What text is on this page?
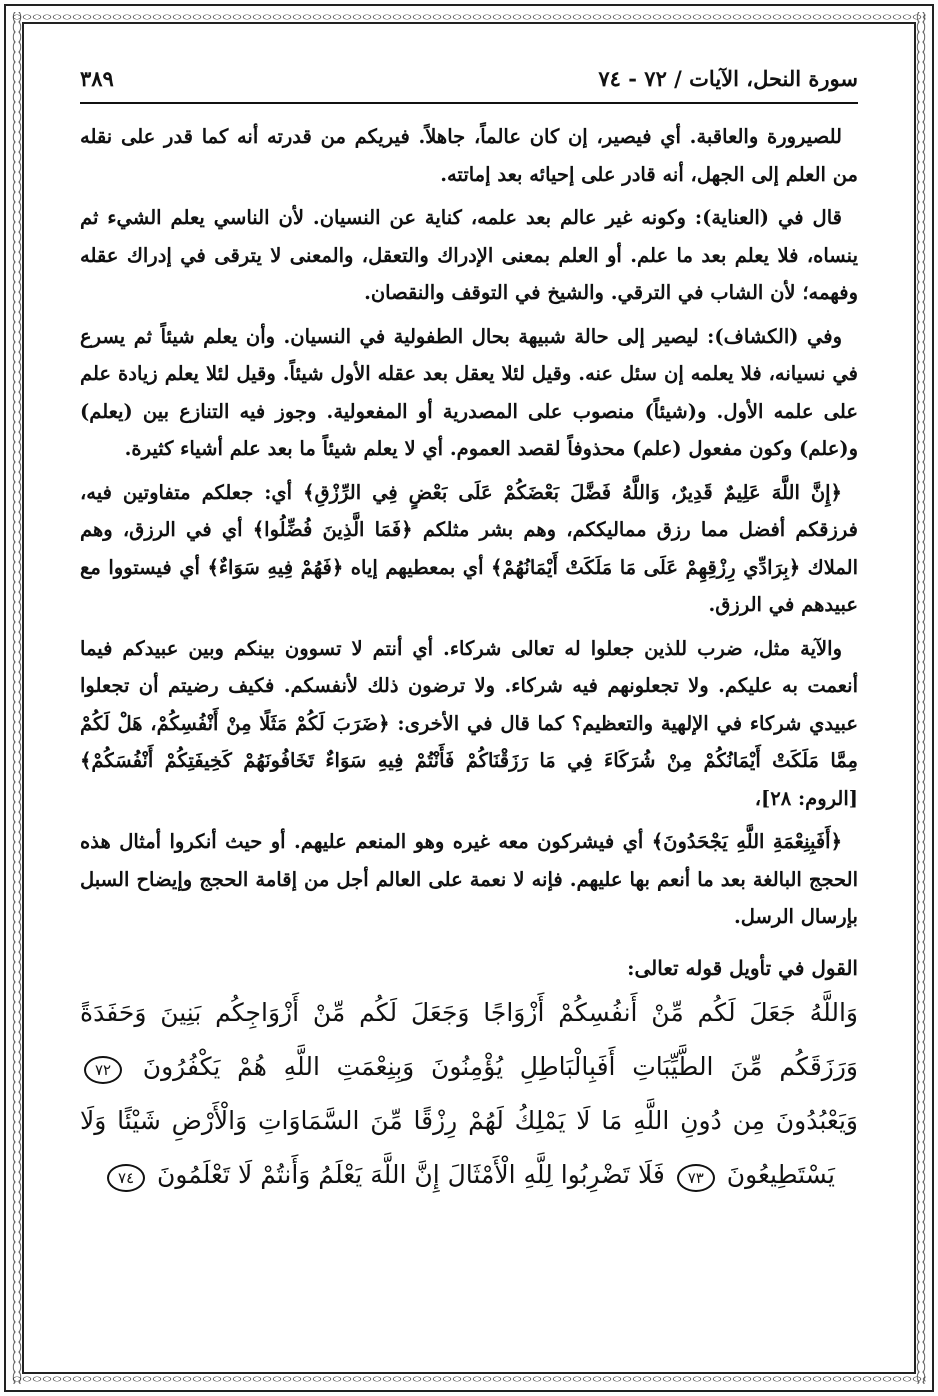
سورة النحل، الآيات / ٧٢ - ٧٤
٣٨٩

للصيرورة والعاقبة. أي فيصير، إن كان عالماً، جاهلاً. فيريكم من قدرته أنه كما قدر على نقله من العلم إلى الجهل، أنه قادر على إحيائه بعد إماتته.

قال في (العناية): وكونه غير عالم بعد علمه، كناية عن النسيان. لأن الناسي يعلم الشيء ثم ينساه، فلا يعلم بعد ما علم. أو العلم بمعنى الإدراك والتعقل، والمعنى لا يترقى في إدراك عقله وفهمه؛ لأن الشاب في الترقي. والشيخ في التوقف والنقصان.

وفي (الكشاف): ليصير إلى حالة شبيهة بحال الطفولية في النسيان. وأن يعلم شيئاً ثم يسرع في نسيانه، فلا يعلمه إن سئل عنه. وقيل لئلا يعقل بعد عقله الأول شيئاً. وقيل لئلا يعلم زيادة علم على علمه الأول. و(شيئاً) منصوب على المصدرية أو المفعولية. وجوز فيه التنازع بين (يعلم) و(علم) وكون مفعول (علم) محذوفاً لقصد العموم. أي لا يعلم شيئاً ما بعد علم أشياء كثيرة.

﴿إِنَّ اللَّهَ عَلِيمٌ قَدِيرٌ، وَاللَّهُ فَضَّلَ بَعْضَكُمْ عَلَى بَعْضٍ فِي الرِّزْقِ﴾ أي: جعلكم متفاوتين فيه، فرزقكم أفضل مما رزق مماليككم، وهم بشر مثلكم ﴿فَمَا الَّذِينَ فُضِّلُوا﴾ أي في الرزق، وهم الملاك ﴿بِرَادِّي رِزْقِهِمْ عَلَى مَا مَلَكَتْ أَيْمَانُهُمْ﴾ أي بمعطيهم إياه ﴿فَهُمْ فِيهِ سَوَاءٌ﴾ أي فيستووا مع عبيدهم في الرزق.

والآية مثل، ضرب للذين جعلوا له تعالى شركاء. أي أنتم لا تسوون بينكم وبين عبيدكم فيما أنعمت به عليكم. ولا تجعلونهم فيه شركاء. ولا ترضون ذلك لأنفسكم. فكيف رضيتم أن تجعلوا عبيدي شركاء في الإلهية والتعظيم؟ كما قال في الأخرى: ﴿ضَرَبَ لَكُمْ مَثَلًا مِنْ أَنْفُسِكُمْ، هَلْ لَكُمْ مِمَّا مَلَكَتْ أَيْمَانُكُمْ مِنْ شُرَكَاءَ فِي مَا رَزَقْنَاكُمْ فَأَنْتُمْ فِيهِ سَوَاءٌ تَخَافُونَهُمْ كَخِيفَتِكُمْ أَنْفُسَكُمْ﴾ [الروم: ٢٨]،

﴿أَفَبِنِعْمَةِ اللَّهِ يَجْحَدُونَ﴾ أي فيشركون معه غيره وهو المنعم عليهم. أو حيث أنكروا أمثال هذه الحجج البالغة بعد ما أنعم بها عليهم. فإنه لا نعمة على العالم أجل من إقامة الحجج وإيضاح السبل بإرسال الرسل.

القول في تأويل قوله تعالى:
وَاللَّهُ جَعَلَ لَكُم مِّنْ أَنفُسِكُمْ أَزْوَاجًا وَجَعَلَ لَكُم مِّنْ أَزْوَاجِكُم بَنِينَ وَحَفَدَةً وَرَزَقَكُم مِّنَ الطَّيِّبَاتِ أَفَبِالْبَاطِلِ يُؤْمِنُونَ وَبِنِعْمَتِ اللَّهِ هُمْ يَكْفُرُونَ ٧٢ وَيَعْبُدُونَ مِن دُونِ اللَّهِ مَا لَا يَمْلِكُ لَهُمْ رِزْقًا مِّنَ السَّمَاوَاتِ وَالْأَرْضِ شَيْئًا وَلَا يَسْتَطِيعُونَ ٧٣ فَلَا تَضْرِبُوا لِلَّهِ الْأَمْثَالَ إِنَّ اللَّهَ يَعْلَمُ وَأَنتُمْ لَا تَعْلَمُونَ ٧٤
